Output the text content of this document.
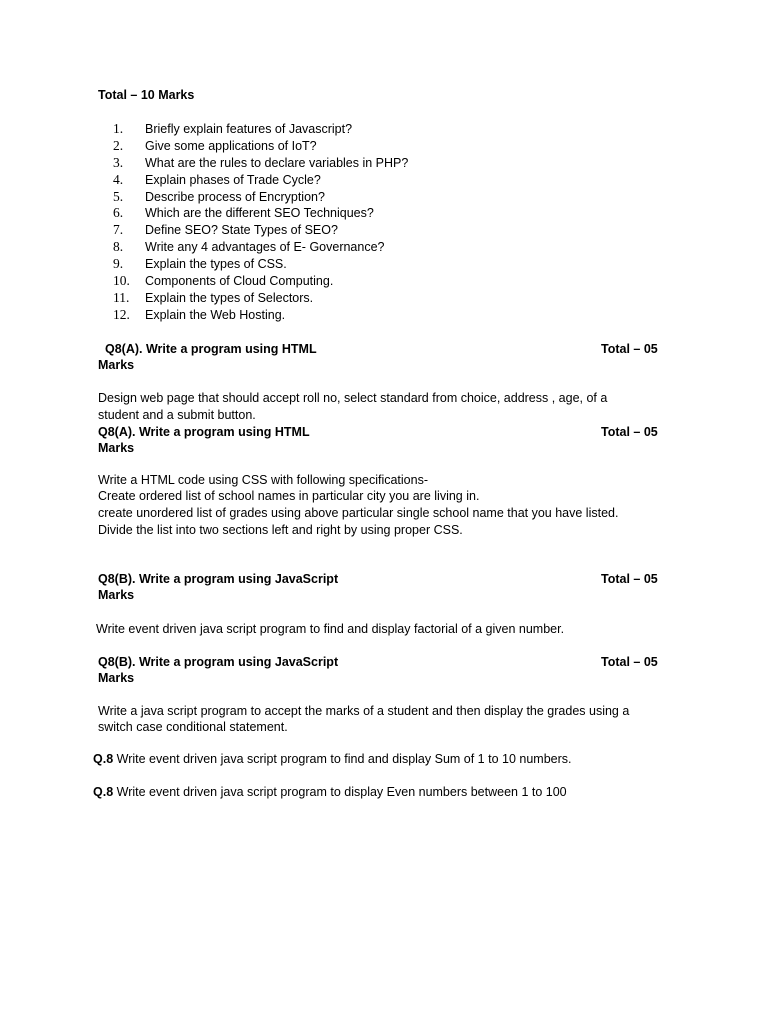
Total – 10 Marks
1.	Briefly explain features of Javascript?
2.	Give some applications of IoT?
3.	What are the rules to declare variables in PHP?
4.	Explain phases of Trade Cycle?
5.	Describe process of Encryption?
6.	Which are the different SEO Techniques?
7.	Define SEO? State Types of SEO?
8.	Write any 4 advantages of E- Governance?
9.	Explain the types of CSS.
10.	Components of Cloud Computing.
11.	Explain the types of Selectors.
12.	Explain the Web Hosting.
Q8(A). Write a program using HTML	Total – 05
Marks
Design web page that should accept roll no, select standard from choice, address , age, of a
student and a submit button.
Q8(A). Write a program using HTML	Total – 05
Marks
Write a HTML code using CSS with following specifications-
Create ordered list of school names in particular city you are living in.
create unordered list of grades using above particular single school name that you have listed.
Divide the list into two sections left and right by using proper CSS.
Q8(B). Write a program using JavaScript	Total – 05
Marks
Write event driven java script program to find and display factorial of a given number.
Q8(B). Write a program using JavaScript	Total – 05
Marks
Write a java script program to accept the marks of a student and then display the grades using a
switch case conditional statement.
Q.8 Write event driven java script program to find and display Sum of 1 to 10 numbers.
Q.8 Write event driven java script program to display Even numbers between 1 to 100
